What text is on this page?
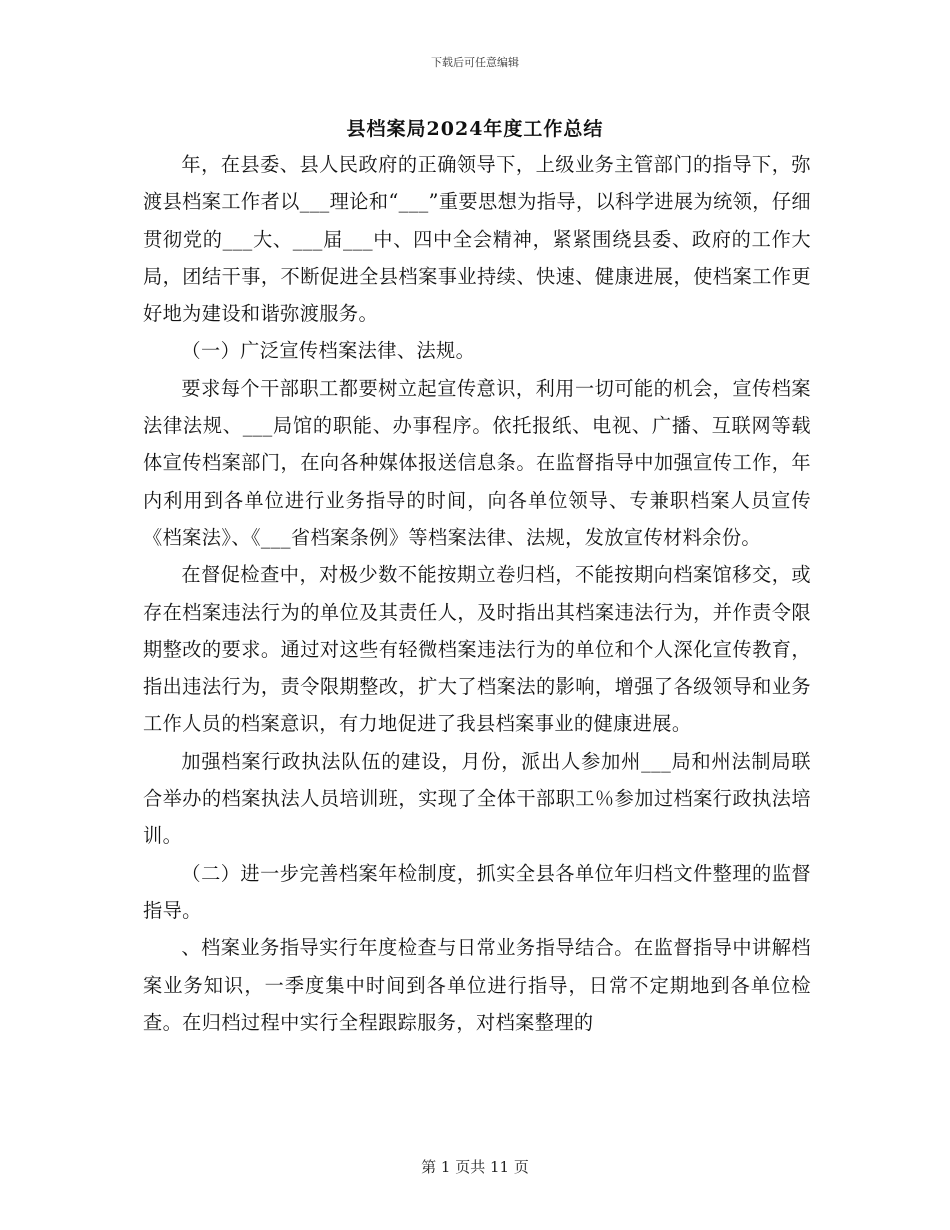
下载后可任意编辑
县档案局2024年度工作总结

年，在县委、县人民政府的正确领导下，上级业务主管部门的指导下，弥渡县档案工作者以___理论和“___”重要思想为指导，以科学进展为统领，仔细贯彻党的___大、___届___中、四中全会精神，紧紧围绕县委、政府的工作大局，团结干事，不断促进全县档案事业持续、快速、健康进展，使档案工作更好地为建设和谐弥渡服务。

（一）广泛宣传档案法律、法规。

要求每个干部职工都要树立起宣传意识，利用一切可能的机会，宣传档案法律法规、___局馆的职能、办事程序。依托报纸、电视、广播、互联网等载体宣传档案部门，在向各种媒体报送信息条。在监督指导中加强宣传工作，年内利用到各单位进行业务指导的时间，向各单位领导、专兼职档案人员宣传《档案法》、《___省档案条例》等档案法律、法规，发放宣传材料余份。

在督促检查中，对极少数不能按期立卷归档，不能按期向档案馆移交，或存在档案违法行为的单位及其责任人，及时指出其档案违法行为，并作责令限期整改的要求。通过对这些有轻微档案违法行为的单位和个人深化宣传教育，指出违法行为，责令限期整改，扩大了档案法的影响，增强了各级领导和业务工作人员的档案意识，有力地促进了我县档案事业的健康进展。

加强档案行政执法队伍的建设，月份，派出人参加州___局和州法制局联合举办的档案执法人员培训班，实现了全体干部职工％参加过档案行政执法培训。

（二）进一步完善档案年检制度，抓实全县各单位年归档文件整理的监督指导。

、档案业务指导实行年度检查与日常业务指导结合。在监督指导中讲解档案业务知识，一季度集中时间到各单位进行指导，日常不定期地到各单位检查。在归档过程中实行全程跟踪服务，对档案整理的

第 1 页共 11 页
